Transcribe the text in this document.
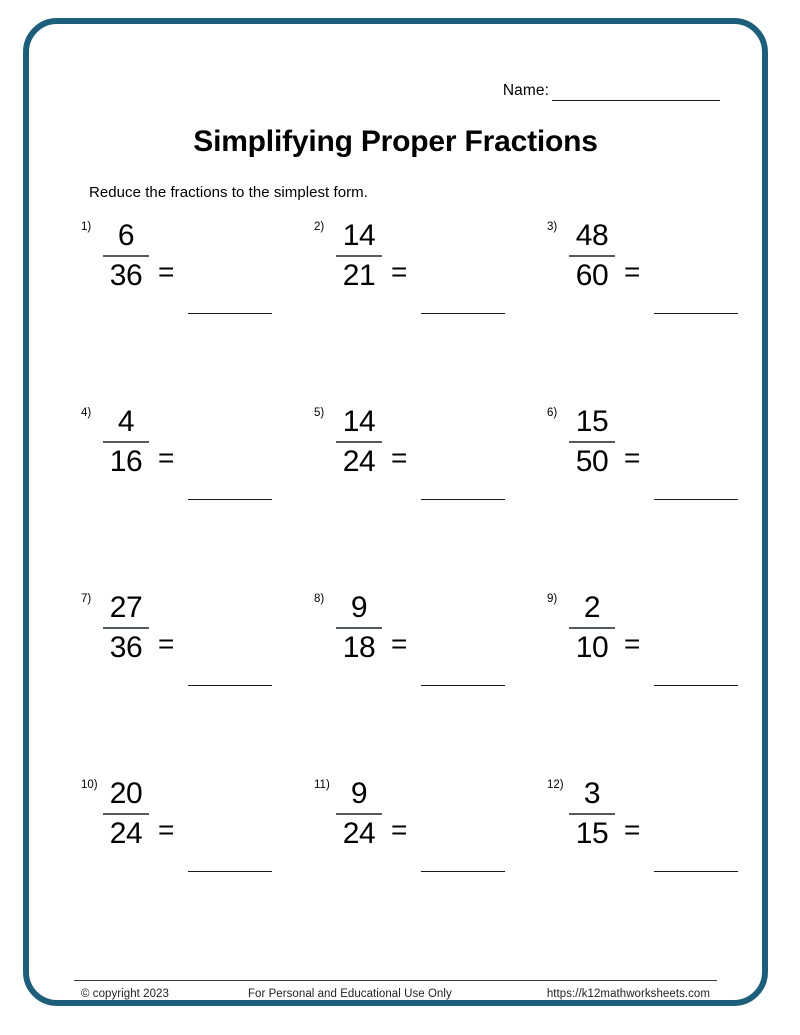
Name:
Simplifying Proper Fractions
Reduce the fractions to the simplest form.
$1) \frac{6}{36}$ =
$2) \frac{14}{21}$ =
$3) \frac{48}{60}$ =
$4) \frac{4}{16}$ =
$5) \frac{14}{24}$ =
$6) \frac{15}{50}$ =
$7) \frac{27}{36}$ =
$8) \frac{9}{18}$ =
$9) \frac{2}{10}$ =
$10) \frac{20}{24}$ =
$11) \frac{9}{24}$ =
$12) \frac{3}{15}$ =
© copyright 2023	For Personal and Educational Use Only	https://k12mathworksheets.com
